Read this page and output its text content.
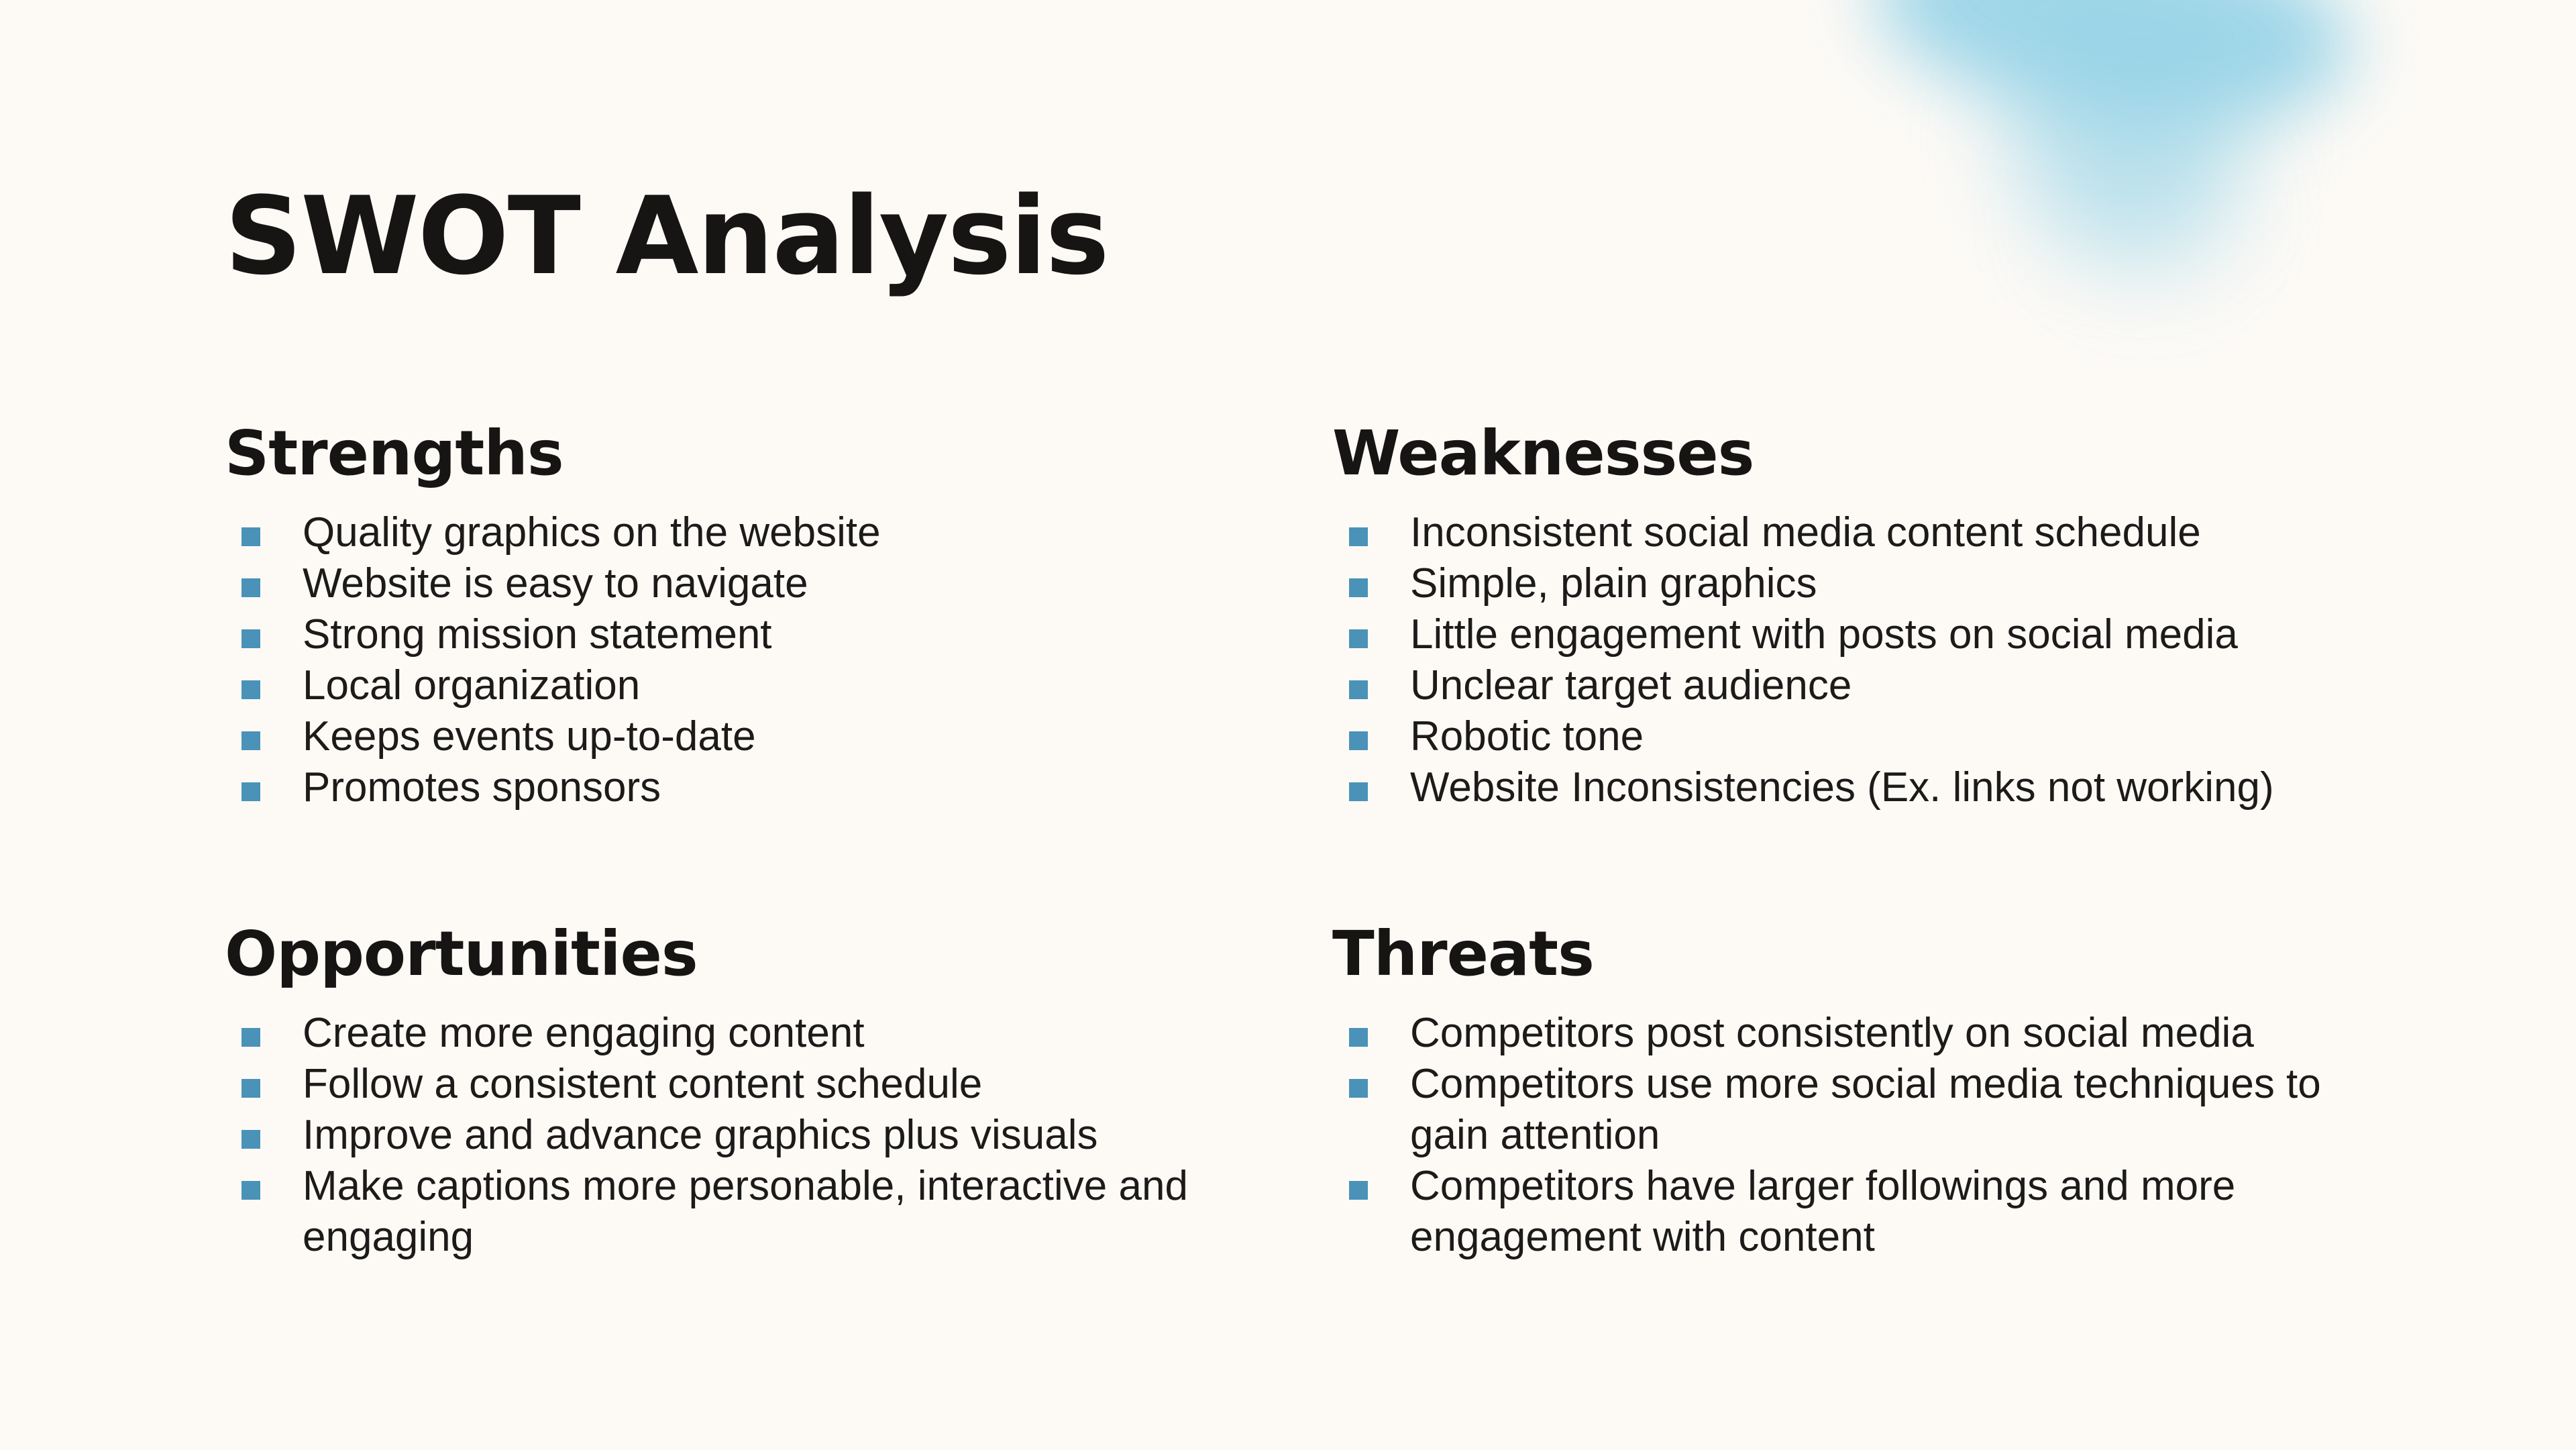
SWOT Analysis
Strengths
Quality graphics on the website
Website is easy to navigate
Strong mission statement
Local organization
Keeps events up-to-date
Promotes sponsors
Weaknesses
Inconsistent social media content schedule
Simple, plain graphics
Little engagement with posts on social media
Unclear target audience
Robotic tone
Website Inconsistencies (Ex. links not working)
Opportunities
Create more engaging content
Follow a consistent content schedule
Improve and advance graphics plus visuals
Make captions more personable, interactive and engaging
Threats
Competitors post consistently on social media
Competitors use more social media techniques to gain attention
Competitors have larger followings and more engagement with content
